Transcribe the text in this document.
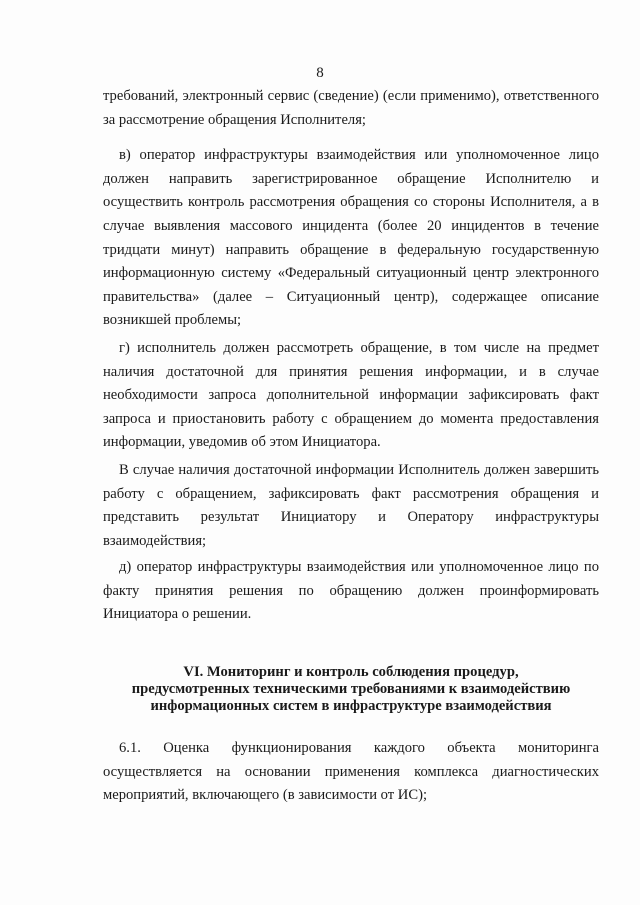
8

требований, электронный сервис (сведение) (если применимо), ответственного за рассмотрение обращения Исполнителя;

в) оператор инфраструктуры взаимодействия или уполномоченное лицо должен направить зарегистрированное обращение Исполнителю и осуществить контроль рассмотрения обращения со стороны Исполнителя, а в случае выявления массового инцидента (более 20 инцидентов в течение тридцати минут) направить обращение в федеральную государственную информационную систему «Федеральный ситуационный центр электронного правительства» (далее – Ситуационный центр), содержащее описание возникшей проблемы;

г) исполнитель должен рассмотреть обращение, в том числе на предмет наличия достаточной для принятия решения информации, и в случае необходимости запроса дополнительной информации зафиксировать факт запроса и приостановить работу с обращением до момента предоставления информации, уведомив об этом Инициатора.

В случае наличия достаточной информации Исполнитель должен завершить работу с обращением, зафиксировать факт рассмотрения обращения и представить результат Инициатору и Оператору инфраструктуры взаимодействия;

д) оператор инфраструктуры взаимодействия или уполномоченное лицо по факту принятия решения по обращению должен проинформировать Инициатора о решении.

VI. Мониторинг и контроль соблюдения процедур,
предусмотренных техническими требованиями к взаимодействию
информационных систем в инфраструктуре взаимодействия

6.1. Оценка функционирования каждого объекта мониторинга осуществляется на основании применения комплекса диагностических мероприятий, включающего (в зависимости от ИС);
